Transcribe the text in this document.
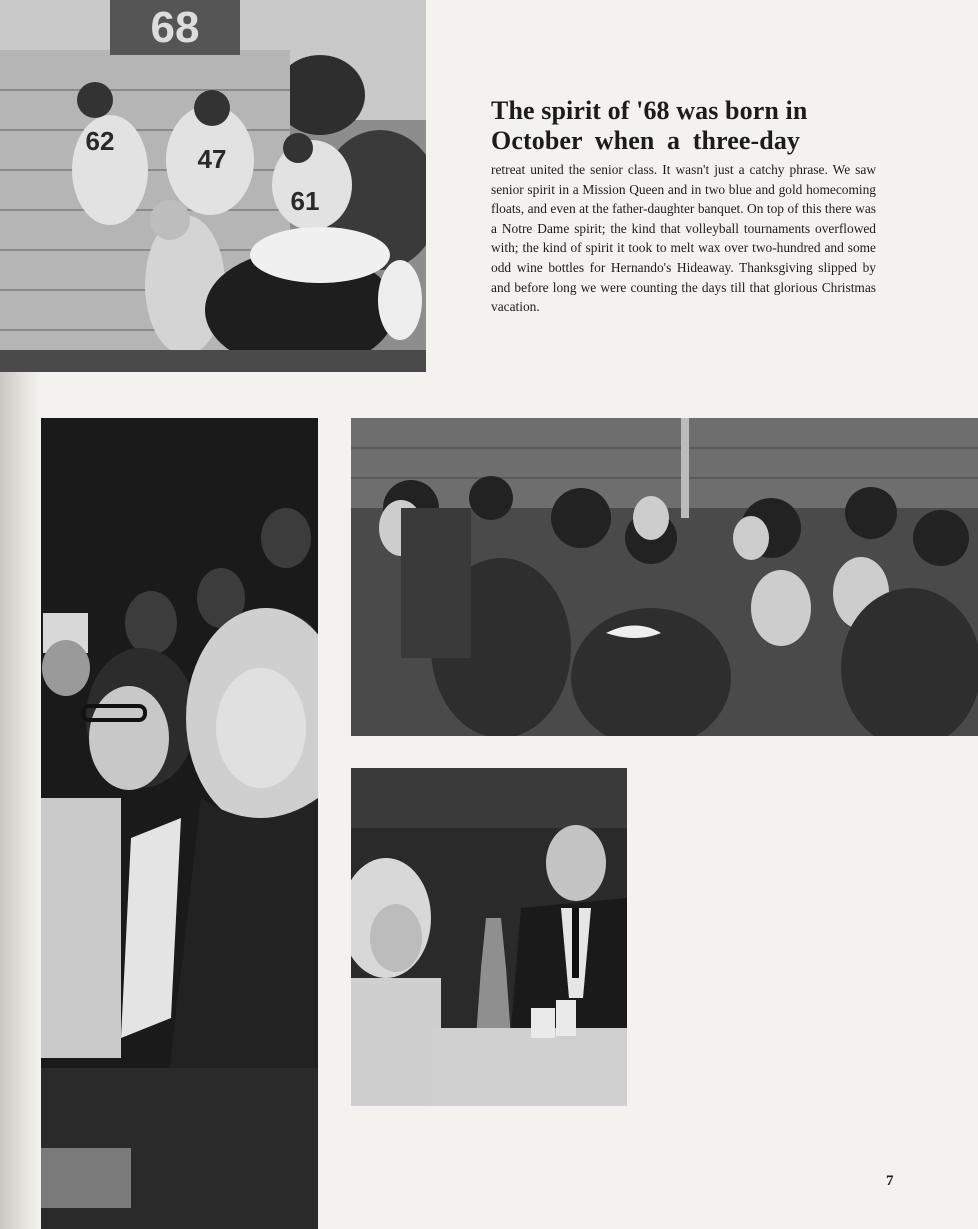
68
62
47
61
The spirit of '68 was born in
October when a three-day

retreat united the senior class. It wasn't just a catchy phrase. We saw senior spirit in a Mission Queen and in two blue and gold homecoming floats, and even at the father-daughter banquet. On top of this there was a Notre Dame spirit; the kind that volleyball tournaments overflowed with; the kind of spirit it took to melt wax over two-hundred and some odd wine bottles for Hernando's Hideaway. Thanksgiving slipped by and before long we were counting the days till that glorious Christmas vacation.

7
